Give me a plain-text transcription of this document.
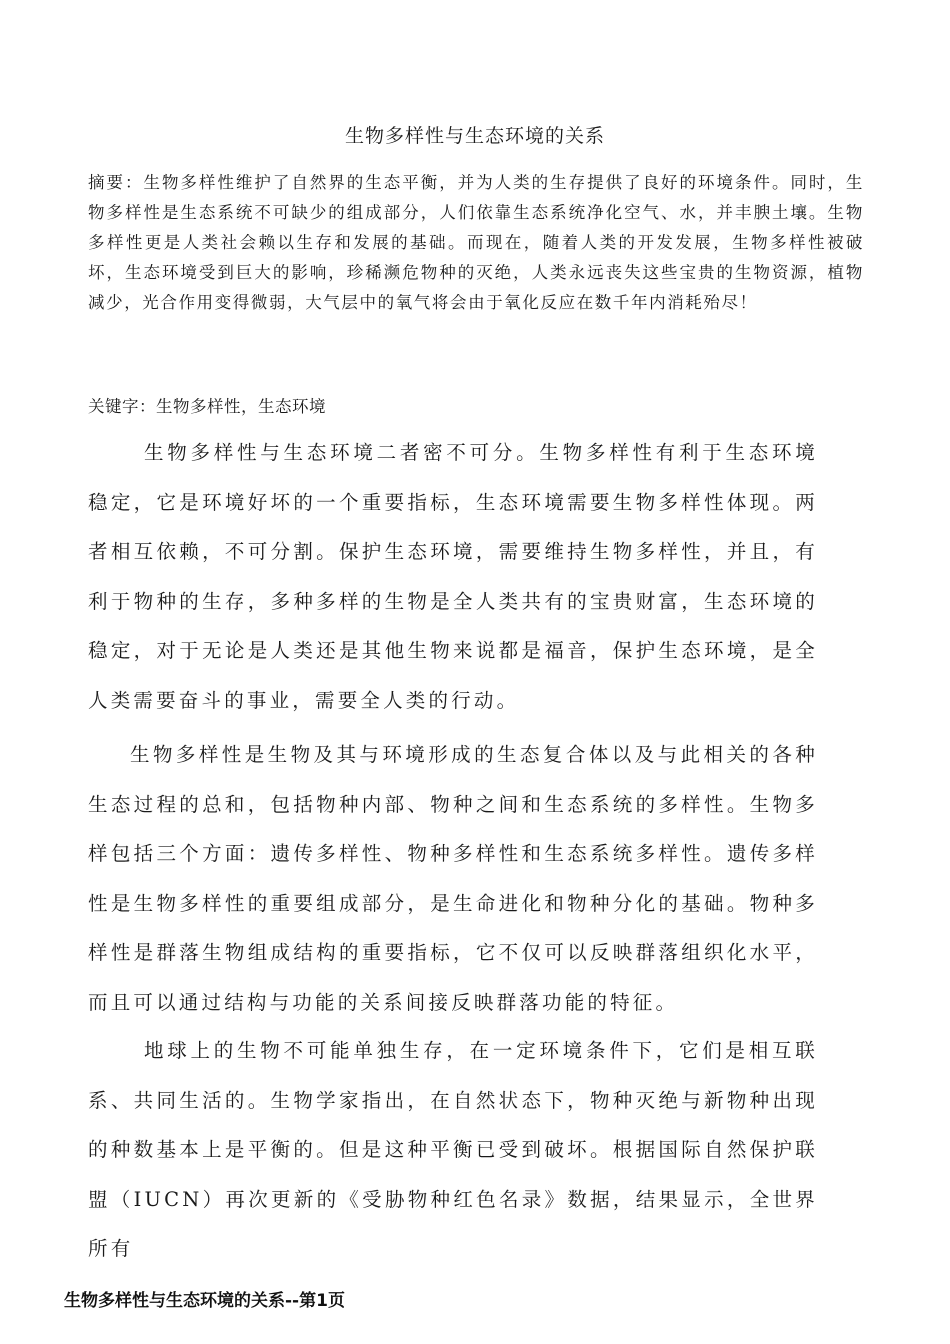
生物多样性与生态环境的关系

摘要：生物多样性维护了自然界的生态平衡，并为人类的生存提供了良好的环境条件。同时，生物多样性是生态系统不可缺少的组成部分，人们依靠生态系统净化空气、水，并丰腴土壤。生物多样性更是人类社会赖以生存和发展的基础。而现在，随着人类的开发发展，生物多样性被破坏，生态环境受到巨大的影响，珍稀濒危物种的灭绝，人类永远丧失这些宝贵的生物资源，植物减少，光合作用变得微弱，大气层中的氧气将会由于氧化反应在数千年内消耗殆尽！

关键字：生物多样性，生态环境

生物多样性与生态环境二者密不可分。生物多样性有利于生态环境稳定，它是环境好坏的一个重要指标，生态环境需要生物多样性体现。两者相互依赖，不可分割。保护生态环境，需要维持生物多样性，并且，有利于物种的生存，多种多样的生物是全人类共有的宝贵财富，生态环境的稳定，对于无论是人类还是其他生物来说都是福音，保护生态环境，是全人类需要奋斗的事业，需要全人类的行动。

生物多样性是生物及其与环境形成的生态复合体以及与此相关的各种生态过程的总和，包括物种内部、物种之间和生态系统的多样性。生物多样包括三个方面：遗传多样性、物种多样性和生态系统多样性。遗传多样性是生物多样性的重要组成部分，是生命进化和物种分化的基础。物种多样性是群落生物组成结构的重要指标，它不仅可以反映群落组织化水平，而且可以通过结构与功能的关系间接反映群落功能的特征。

地球上的生物不可能单独生存，在一定环境条件下，它们是相互联系、共同生活的。生物学家指出，在自然状态下，物种灭绝与新物种出现的种数基本上是平衡的。但是这种平衡已受到破坏。根据国际自然保护联盟（IUCN）再次更新的《受胁物种红色名录》数据，结果显示，全世界所有

生物多样性与生态环境的关系--第1页
